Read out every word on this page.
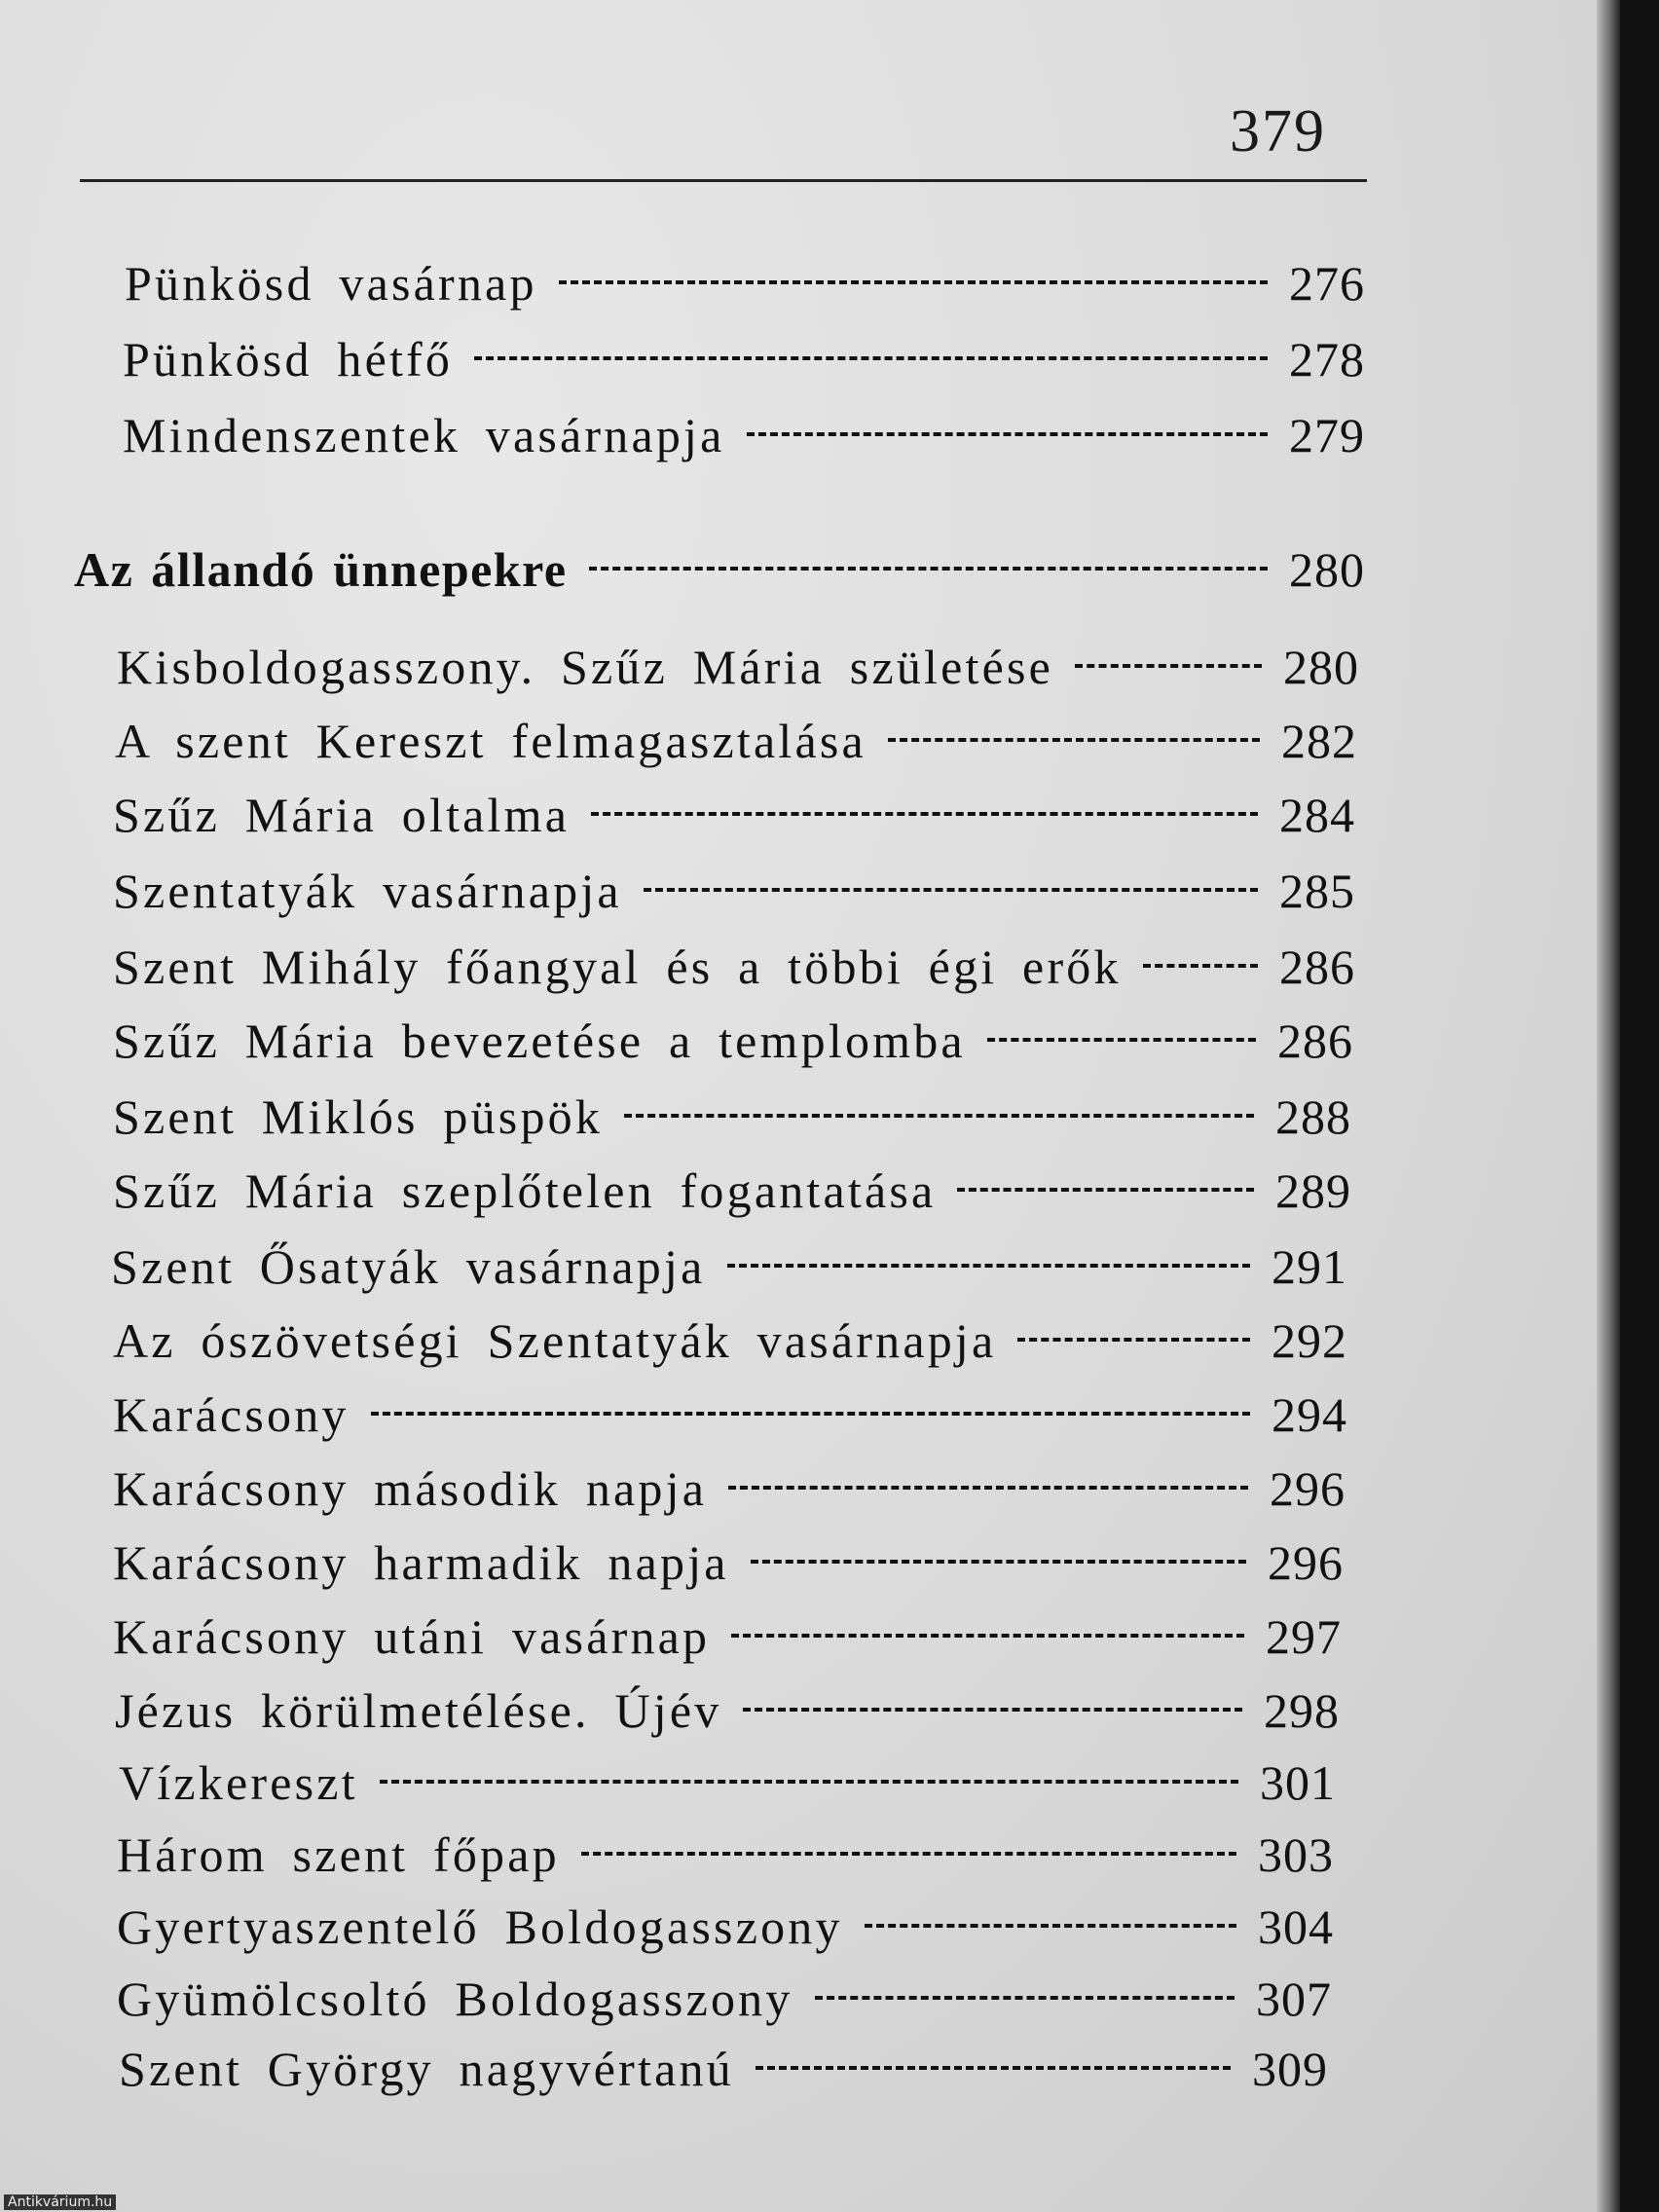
379
Pünkösd vasárnap	276
Pünkösd hétfő	278
Mindenszentek vasárnapja	279
Az állandó ünnepekre	280
Kisboldogasszony. Szűz Mária születése	280
A szent Kereszt felmagasztalása	282
Szűz Mária oltalma	284
Szentatyák vasárnapja	285
Szent Mihály főangyal és a többi égi erők	286
Szűz Mária bevezetése a templomba	286
Szent Miklós püspök	288
Szűz Mária szeplőtelen fogantatása	289
Szent Ősatyák vasárnapja	291
Az ószövetségi Szentatyák vasárnapja	292
Karácsony	294
Karácsony második napja	296
Karácsony harmadik napja	296
Karácsony utáni vasárnap	297
Jézus körülmetélése. Újév	298
Vízkereszt	301
Három szent főpap	303
Gyertyaszentelő Boldogasszony	304
Gyümölcsoltó Boldogasszony	307
Szent György nagyvértanú	309
Antikvárium.hu
